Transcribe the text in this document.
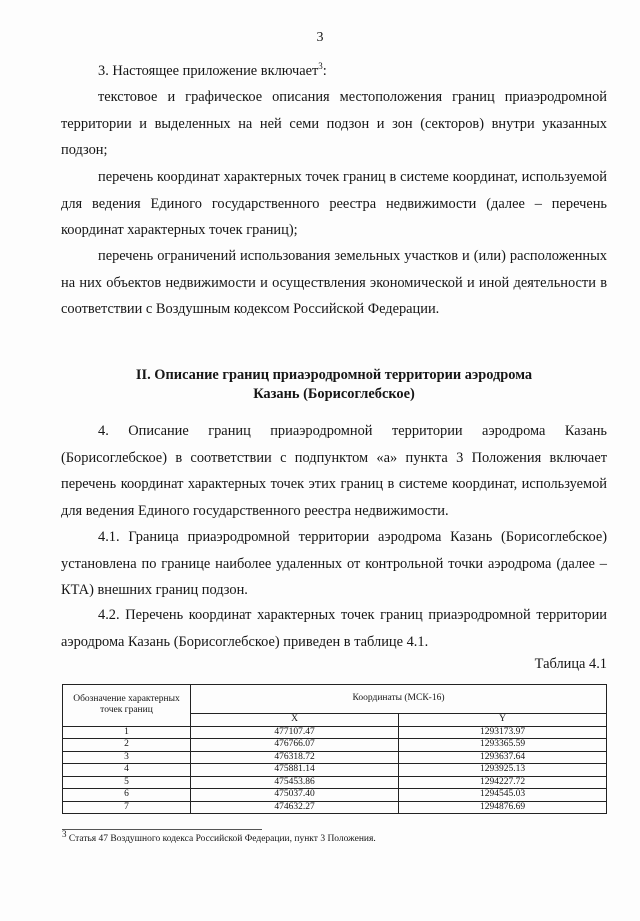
3

3. Настоящее приложение включает$^3$:

текстовое и графическое описания местоположения границ приаэродромной территории и выделенных на ней семи подзон и зон (секторов) внутри указанных подзон;

перечень координат характерных точек границ в системе координат, используемой для ведения Единого государственного реестра недвижимости (далее – перечень координат характерных точек границ);

перечень ограничений использования земельных участков и (или) расположенных на них объектов недвижимости и осуществления экономической и иной деятельности в соответствии с Воздушным кодексом Российской Федерации.

II. Описание границ приаэродромной территории аэродрома
Казань (Борисоглебское)

4. Описание границ приаэродромной территории аэродрома Казань (Борисоглебское) в соответствии с подпунктом «а» пункта 3 Положения включает перечень координат характерных точек этих границ в системе координат, используемой для ведения Единого государственного реестра недвижимости.

4.1. Граница приаэродромной территории аэродрома Казань (Борисоглебское) установлена по границе наиболее удаленных от контрольной точки аэродрома (далее – КТА) внешних границ подзон.

4.2. Перечень координат характерных точек границ приаэродромной территории аэродрома Казань (Борисоглебское) приведен в таблице 4.1.

Таблица 4.1
Обозначение характерных точек границ	Координаты (МСК-16)	
	X	Y
1	477107.47	1293173.97
2	476766.07	1293365.59
3	476318.72	1293637.64
4	475881.14	1293925.13
5	475453.86	1294227.72
6	475037.40	1294545.03
7	474632.27	1294876.69
$^3$ Статья 47 Воздушного кодекса Российской Федерации, пункт 3 Положения.
